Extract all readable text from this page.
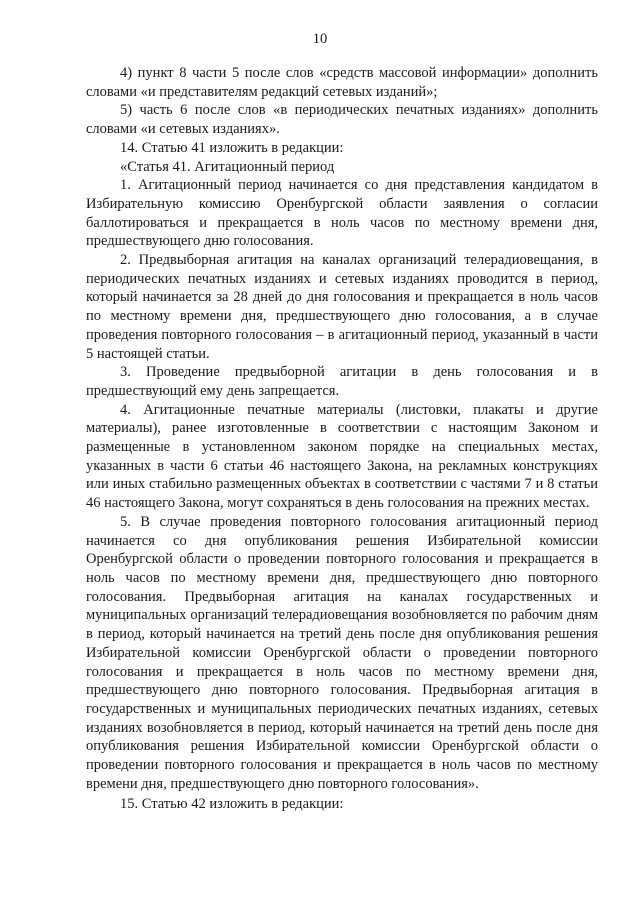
10

4) пункт 8 части 5 после слов «средств массовой информации» дополнить словами «и представителям редакций сетевых изданий»;

5) часть 6 после слов «в периодических печатных изданиях» дополнить словами «и сетевых изданиях».

14. Статью 41 изложить в редакции:

«Статья 41. Агитационный период

1. Агитационный период начинается со дня представления кандидатом в Избирательную комиссию Оренбургской области заявления о согласии баллотироваться и прекращается в ноль часов по местному времени дня, предшествующего дню голосования.

2. Предвыборная агитация на каналах организаций телерадиовещания, в периодических печатных изданиях и сетевых изданиях проводится в период, который начинается за 28 дней до дня голосования и прекращается в ноль часов по местному времени дня, предшествующего дню голосования, а в случае проведения повторного голосования – в агитационный период, указанный в части 5 настоящей статьи.

3. Проведение предвыборной агитации в день голосования и в предшествующий ему день запрещается.

4. Агитационные печатные материалы (листовки, плакаты и другие материалы), ранее изготовленные в соответствии с настоящим Законом и размещенные в установленном законом порядке на специальных местах, указанных в части 6 статьи 46 настоящего Закона, на рекламных конструкциях или иных стабильно размещенных объектах в соответствии с частями 7 и 8 статьи 46 настоящего Закона, могут сохраняться в день голосования на прежних местах.

5. В случае проведения повторного голосования агитационный период начинается со дня опубликования решения Избирательной комиссии Оренбургской области о проведении повторного голосования и прекращается в ноль часов по местному времени дня, предшествующего дню повторного голосования. Предвыборная агитация на каналах государственных и муниципальных организаций телерадиовещания возобновляется по рабочим дням в период, который начинается на третий день после дня опубликования решения Избирательной комиссии Оренбургской области о проведении повторного голосования и прекращается в ноль часов по местному времени дня, предшествующего дню повторного голосования. Предвыборная агитация в государственных и муниципальных периодических печатных изданиях, сетевых изданиях возобновляется в период, который начинается на третий день после дня опубликования решения Избирательной комиссии Оренбургской области о проведении повторного голосования и прекращается в ноль часов по местному времени дня, предшествующего дню повторного голосования».

15. Статью 42 изложить в редакции:
